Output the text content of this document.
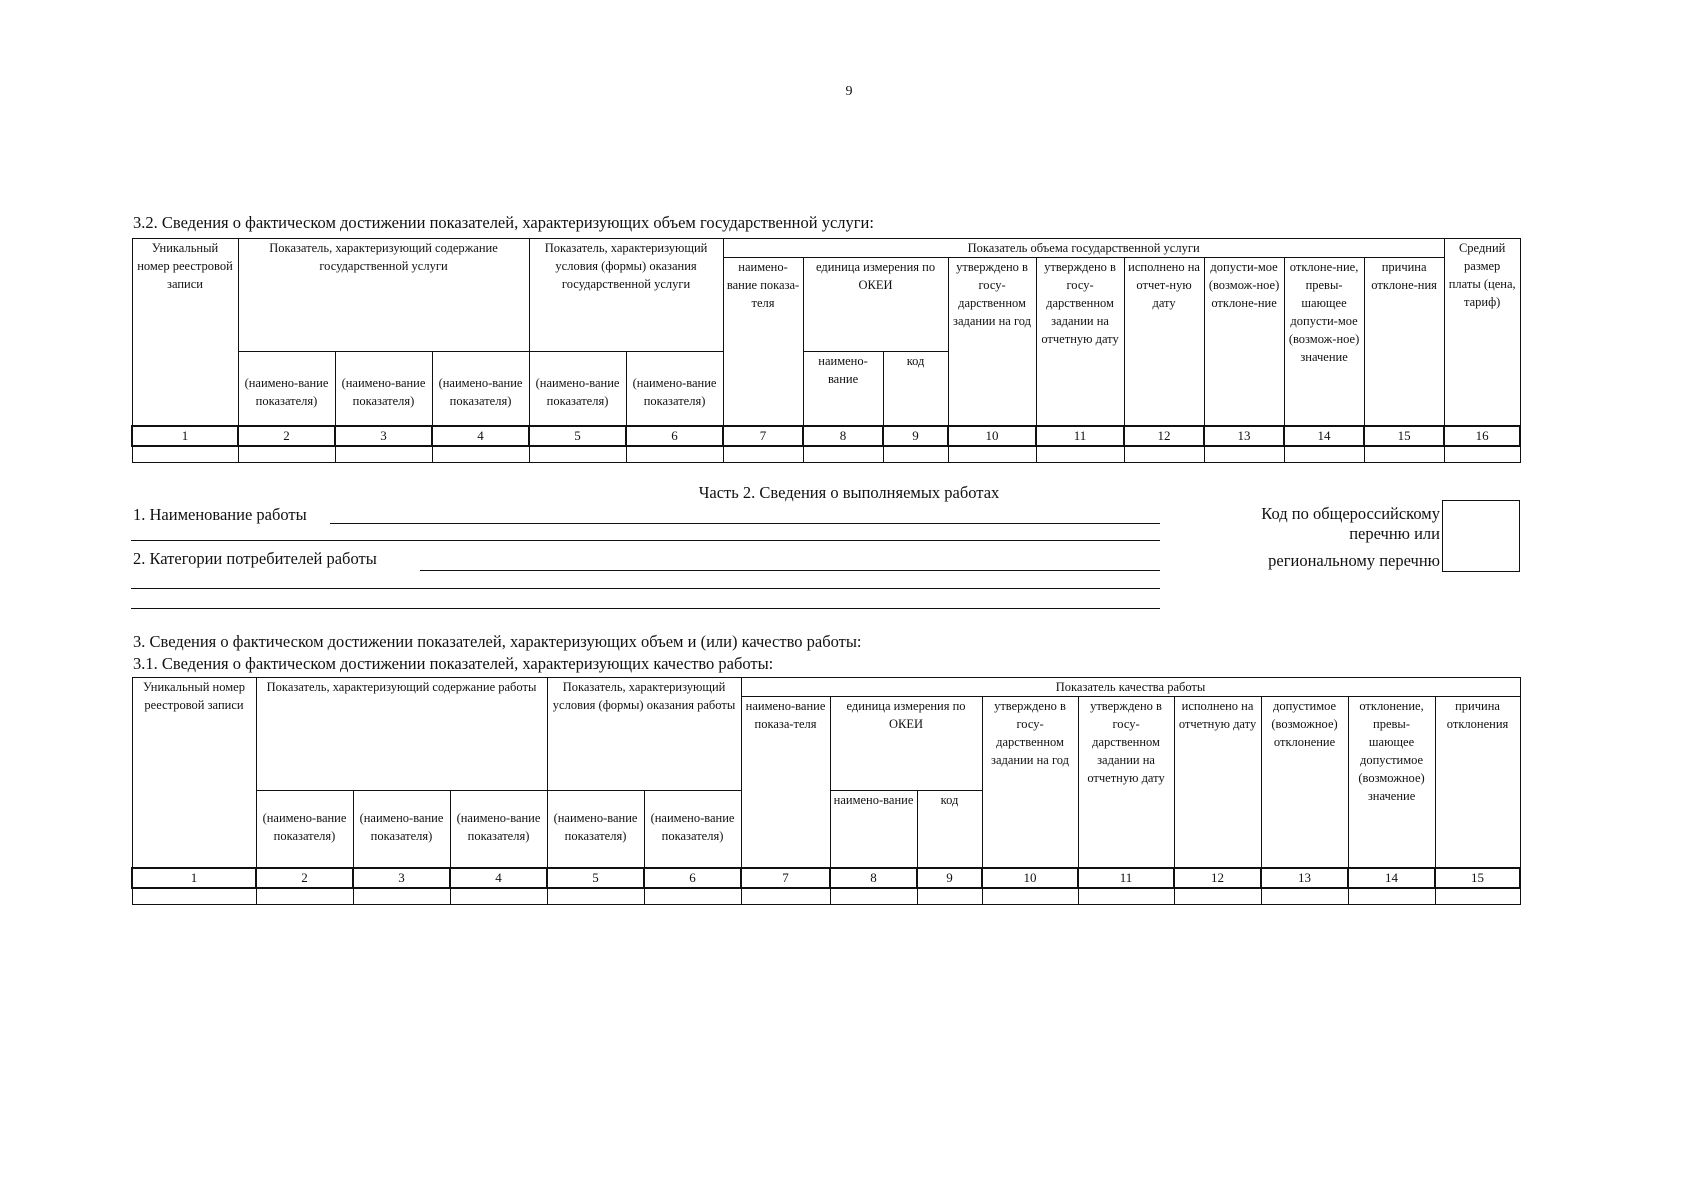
9
3.2. Сведения о фактическом достижении показателей, характеризующих объем государственной услуги:
Уникальный номер реестровой записи	Показатель, характеризующий содержание государственной услуги			Показатель, характеризующий условия (формы) оказания государственной услуги		Показатель объема государственной услуги									Средний размер платы (цена, тариф)
						наимено-вание показа-теля	единица измерения по ОКЕИ		утверждено в госу-дарственном задании на год	утверждено в госу-дарственном задании на отчетную дату	исполнено на отчет-ную дату	допусти-мое (возмож-ное) отклоне-ние	отклоне-ние, превы-шающее допусти-мое (возмож-ное) значение	причина отклоне-ния	
	(наимено-вание показателя)	(наимено-вание показателя)	(наимено-вание показателя)	(наимено-вание показателя)	(наимено-вание показателя)		наимено-вание	код							
1	2	3	4	5	6	7	8	9	10	11	12	13	14	15	16

Часть 2. Сведения о выполняемых работах
1. Наименование работы
2. Категории потребителей работы
Код по общероссийскому
перечню или
региональному перечню
3. Сведения о фактическом достижении показателей, характеризующих объем и (или) качество работы:
3.1. Сведения о фактическом достижении показателей, характеризующих качество работы:
Уникальный номер реестровой записи	Показатель, характеризующий содержание работы			Показатель, характеризующий условия (формы) оказания работы		Показатель качества работы								
						наимено-вание показа-теля	единица измерения по ОКЕИ		утверждено в госу-дарственном задании на год	утверждено в госу-дарственном задании на отчетную дату	исполнено на отчетную дату	допустимое (возможное) отклонение	отклонение, превы-шающее допустимое (возможное) значение	причина отклонения
	(наимено-вание показателя)	(наимено-вание показателя)	(наимено-вание показателя)	(наимено-вание показателя)	(наимено-вание показателя)		наимено-вание	код						
1	2	3	4	5	6	7	8	9	10	11	12	13	14	15
